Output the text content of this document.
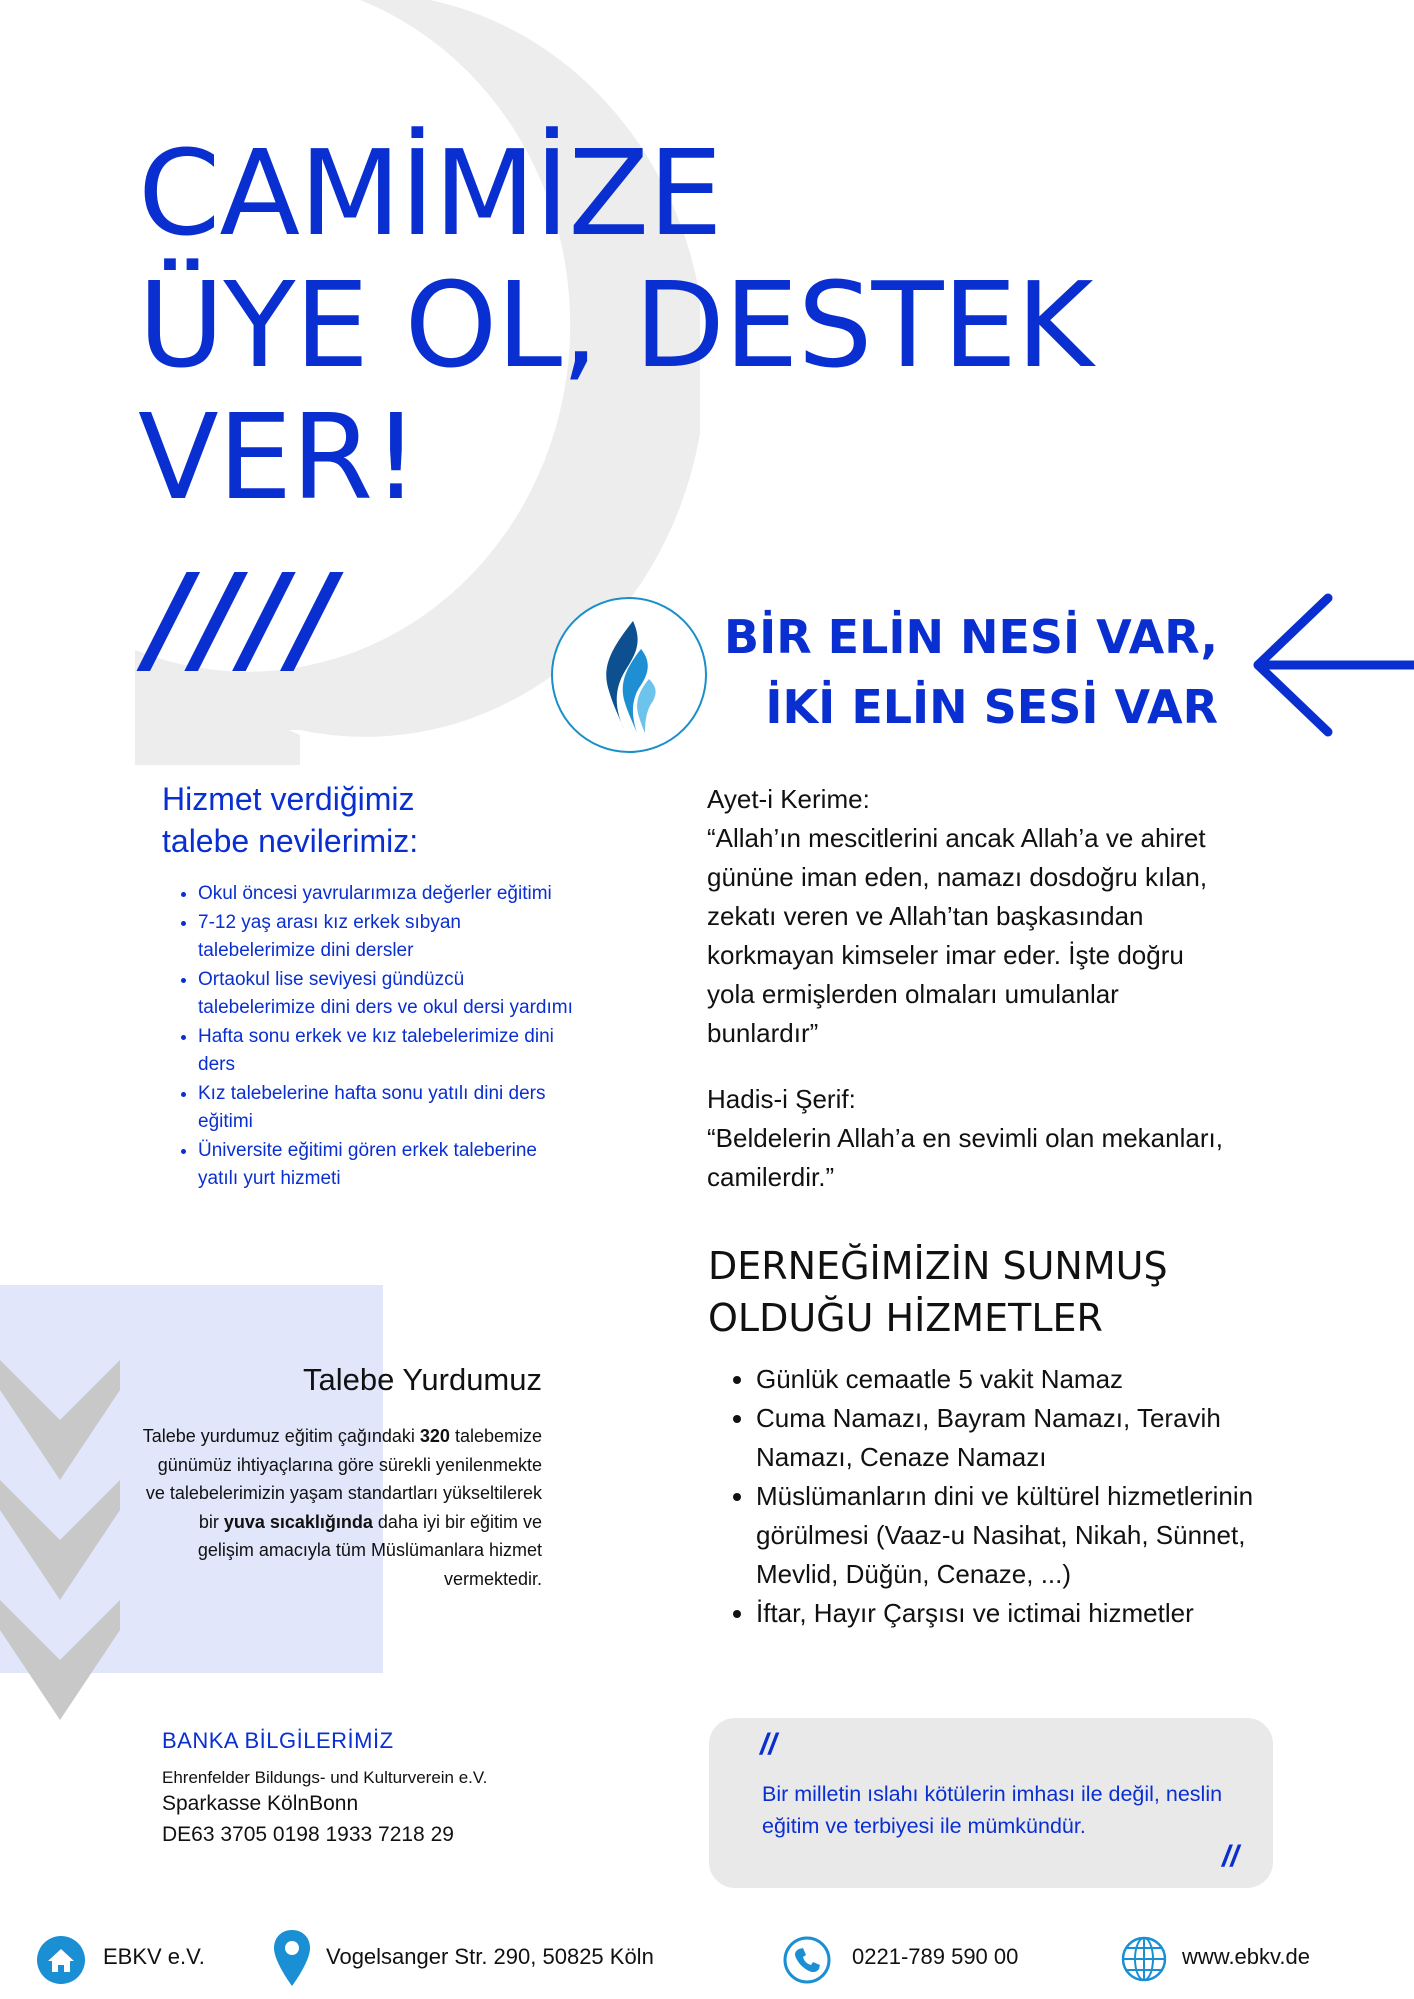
CAMİMİZE
ÜYE OL, DESTEK
VER!
////	BİR ELİN NESİ VAR,
İKİ ELİN SESİ VAR
Hizmet verdiğimiz
talebe nevilerimiz:
• Okul öncesi yavrularımıza değerler eğitimi
• 7-12 yaş arası kız erkek sıbyan talebelerimize dini dersler
• Ortaokul lise seviyesi gündüzcü talebelerimize dini ders ve okul dersi yardımı
• Hafta sonu erkek ve kız talebelerimize dini ders
• Kız talebelerine hafta sonu yatılı dini ders eğitimi
• Üniversite eğitimi gören erkek taleberine yatılı yurt hizmeti
Talebe Yurdumuz
Talebe yurdumuz eğitim çağındaki 320 talebemize günümüz ihtiyaçlarına göre sürekli yenilenmekte ve talebelerimizin yaşam standartları yükseltilerek bir yuva sıcaklığında daha iyi bir eğitim ve gelişim amacıyla tüm Müslümanlara hizmet vermektedir.
BANKA BİLGİLERİMİZ
Ehrenfelder Bildungs- und Kulturverein e.V.
Sparkasse KölnBonn
DE63 3705 0198 1933 7218 29
Ayet-i Kerime:
“Allah’ın mescitlerini ancak Allah’a ve ahiret gününe iman eden, namazı dosdoğru kılan, zekatı veren ve Allah’tan başkasından korkmayan kimseler imar eder. İşte doğru yola ermişlerden olmaları umulanlar bunlardır”
Hadis-i Şerif:
“Beldelerin Allah’a en sevimli olan mekanları, camilerdir.”
DERNEĞİMİZİN SUNMUŞ
OLDUĞU HİZMETLER
• Günlük cemaatle 5 vakit Namaz
• Cuma Namazı, Bayram Namazı, Teravih Namazı, Cenaze Namazı
• Müslümanların dini ve kültürel hizmetlerinin görülmesi (Vaaz-u Nasihat, Nikah, Sünnet, Mevlid, Düğün, Cenaze, ...)
• İftar, Hayır Çarşısı ve ictimai hizmetler
//
Bir milletin ıslahı kötülerin imhası ile değil, neslin eğitim ve terbiyesi ile mümkündür.
//
EBKV e.V.	Vogelsanger Str. 290, 50825 Köln	0221-789 590 00	www.ebkv.de
